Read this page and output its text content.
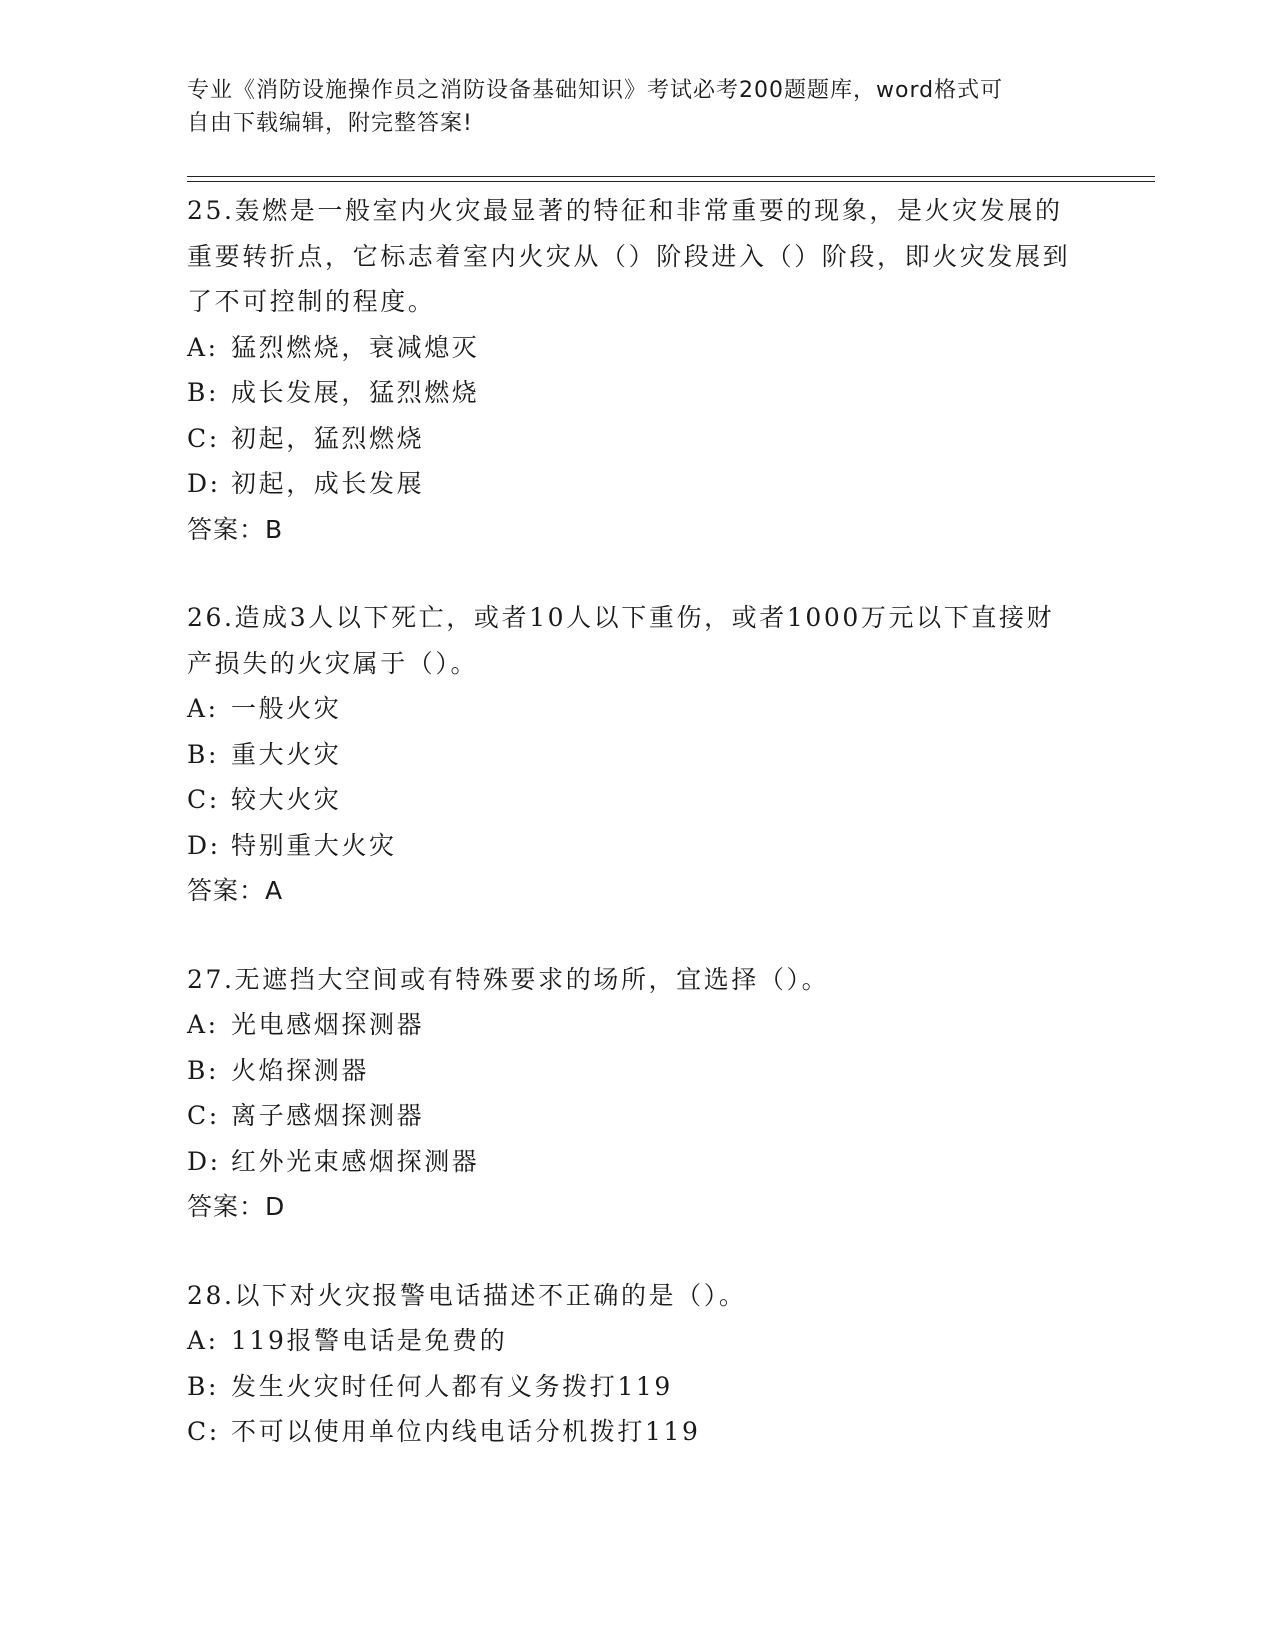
专业《消防设施操作员之消防设备基础知识》考试必考200题题库，word格式可
自由下载编辑，附完整答案!

25.轰燃是一般室内火灾最显著的特征和非常重要的现象，是火灾发展的重要转折点，它标志着室内火灾从（）阶段进入（）阶段，即火灾发展到了不可控制的程度。

A: 猛烈燃烧，衰减熄灭
B: 成长发展，猛烈燃烧
C: 初起，猛烈燃烧
D: 初起，成长发展
答案：B

26.造成3人以下死亡，或者10人以下重伤，或者1000万元以下直接财产损失的火灾属于（）。

A: 一般火灾
B: 重大火灾
C: 较大火灾
D: 特别重大火灾
答案：A

27.无遮挡大空间或有特殊要求的场所，宜选择（）。

A: 光电感烟探测器
B: 火焰探测器
C: 离子感烟探测器
D: 红外光束感烟探测器
答案：D

28.以下对火灾报警电话描述不正确的是（）。

A: 119报警电话是免费的
B: 发生火灾时任何人都有义务拨打119
C: 不可以使用单位内线电话分机拨打119
